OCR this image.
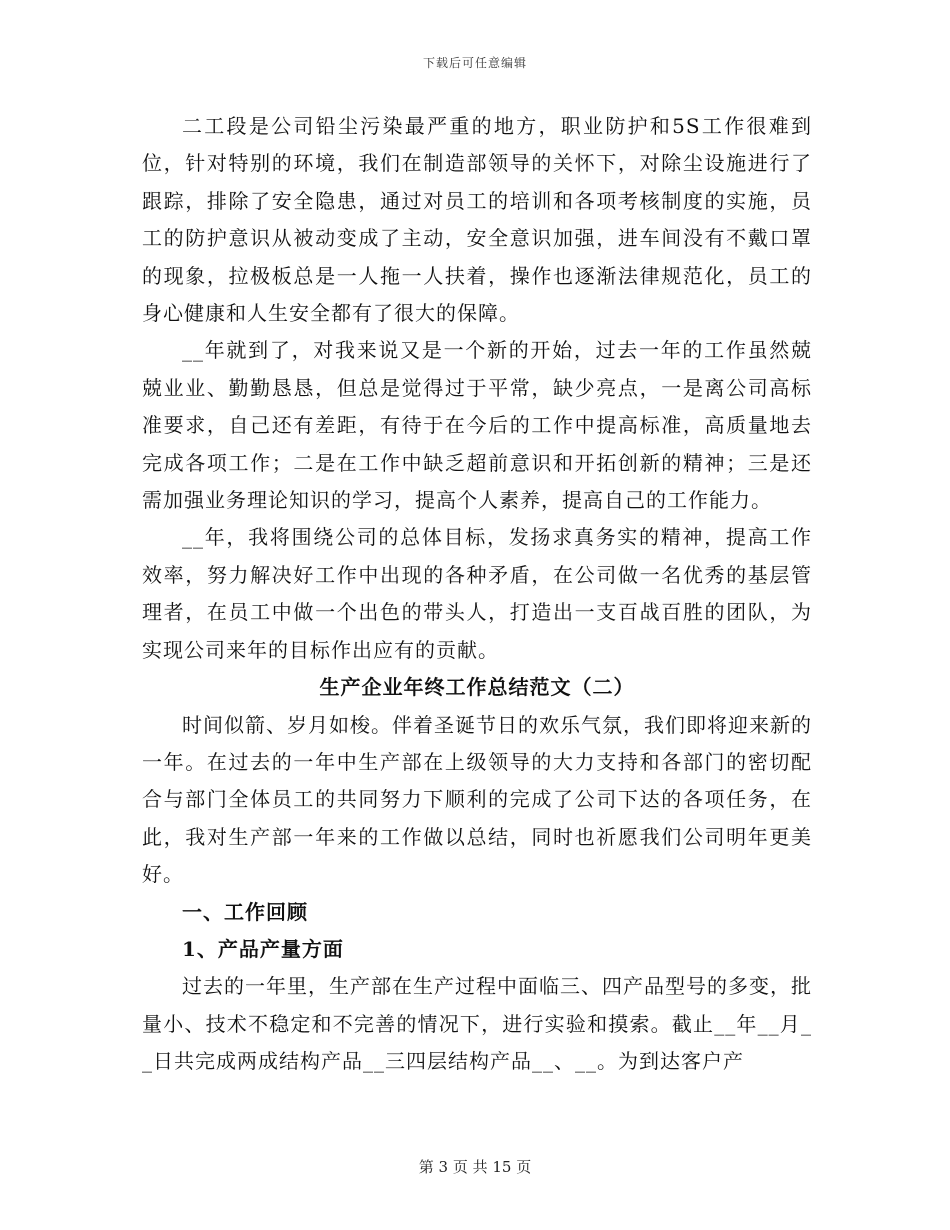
下载后可任意编辑

二工段是公司铅尘污染最严重的地方，职业防护和5S工作很难到位，针对特别的环境，我们在制造部领导的关怀下，对除尘设施进行了跟踪，排除了安全隐患，通过对员工的培训和各项考核制度的实施，员工的防护意识从被动变成了主动，安全意识加强，进车间没有不戴口罩的现象，拉极板总是一人拖一人扶着，操作也逐渐法律规范化，员工的身心健康和人生安全都有了很大的保障。

__年就到了，对我来说又是一个新的开始，过去一年的工作虽然兢兢业业、勤勤恳恳，但总是觉得过于平常，缺少亮点，一是离公司高标准要求，自己还有差距，有待于在今后的工作中提高标准，高质量地去完成各项工作；二是在工作中缺乏超前意识和开拓创新的精神；三是还需加强业务理论知识的学习，提高个人素养，提高自己的工作能力。

__年，我将围绕公司的总体目标，发扬求真务实的精神，提高工作效率，努力解决好工作中出现的各种矛盾，在公司做一名优秀的基层管理者，在员工中做一个出色的带头人，打造出一支百战百胜的团队，为实现公司来年的目标作出应有的贡献。

生产企业年终工作总结范文（二）

时间似箭、岁月如梭。伴着圣诞节日的欢乐气氛，我们即将迎来新的一年。在过去的一年中生产部在上级领导的大力支持和各部门的密切配合与部门全体员工的共同努力下顺利的完成了公司下达的各项任务，在此，我对生产部一年来的工作做以总结，同时也祈愿我们公司明年更美好。

一、工作回顾
1、产品产量方面

过去的一年里，生产部在生产过程中面临三、四产品型号的多变，批量小、技术不稳定和不完善的情况下，进行实验和摸索。截止__年__月__日共完成两成结构产品__三四层结构产品__、__。为到达客户产

第 3 页 共 15 页
